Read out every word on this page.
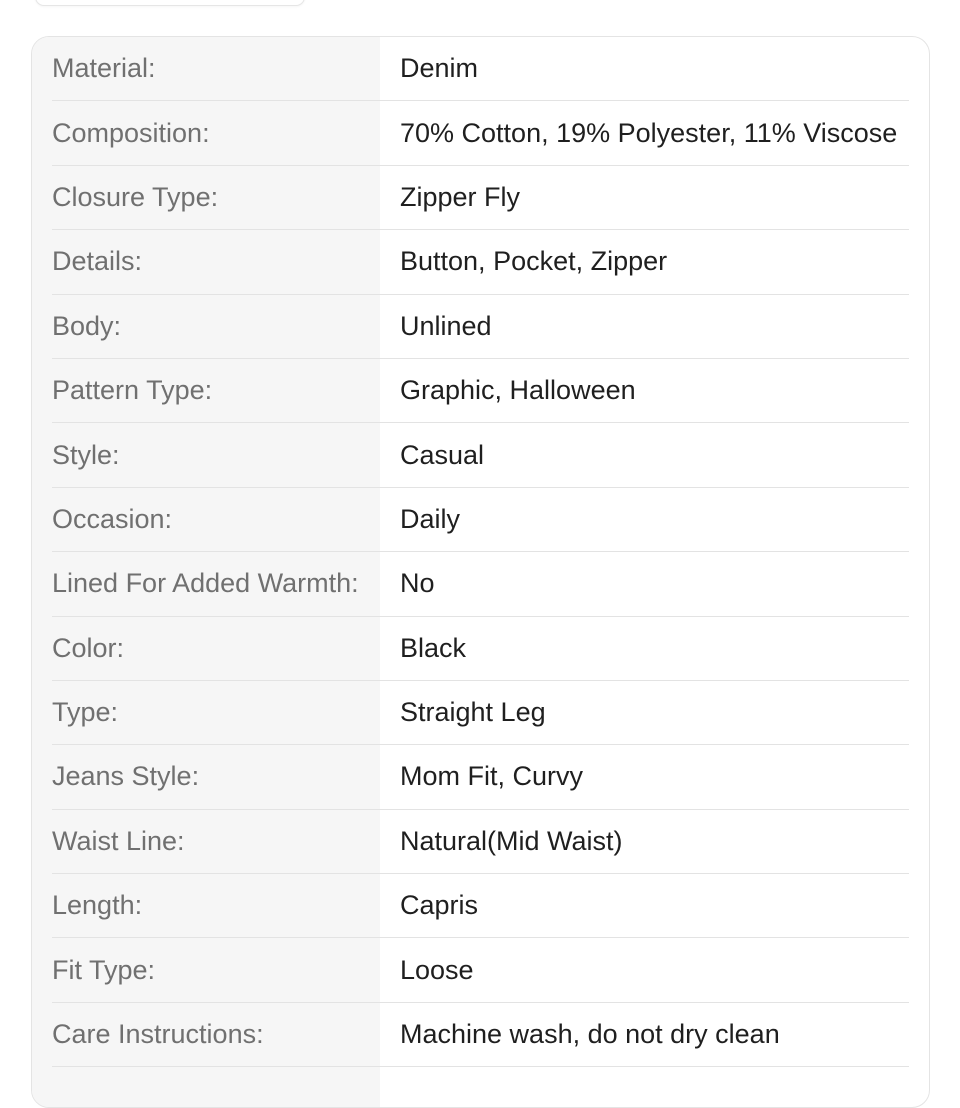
Material:	Denim
Composition:	70% Cotton, 19% Polyester, 11% Viscose
Closure Type:	Zipper Fly
Details:	Button, Pocket, Zipper
Body:	Unlined
Pattern Type:	Graphic, Halloween
Style:	Casual
Occasion:	Daily
Lined For Added Warmth:	No
Color:	Black
Type:	Straight Leg
Jeans Style:	Mom Fit, Curvy
Waist Line:	Natural(Mid Waist)
Length:	Capris
Fit Type:	Loose
Care Instructions:	Machine wash, do not dry clean
